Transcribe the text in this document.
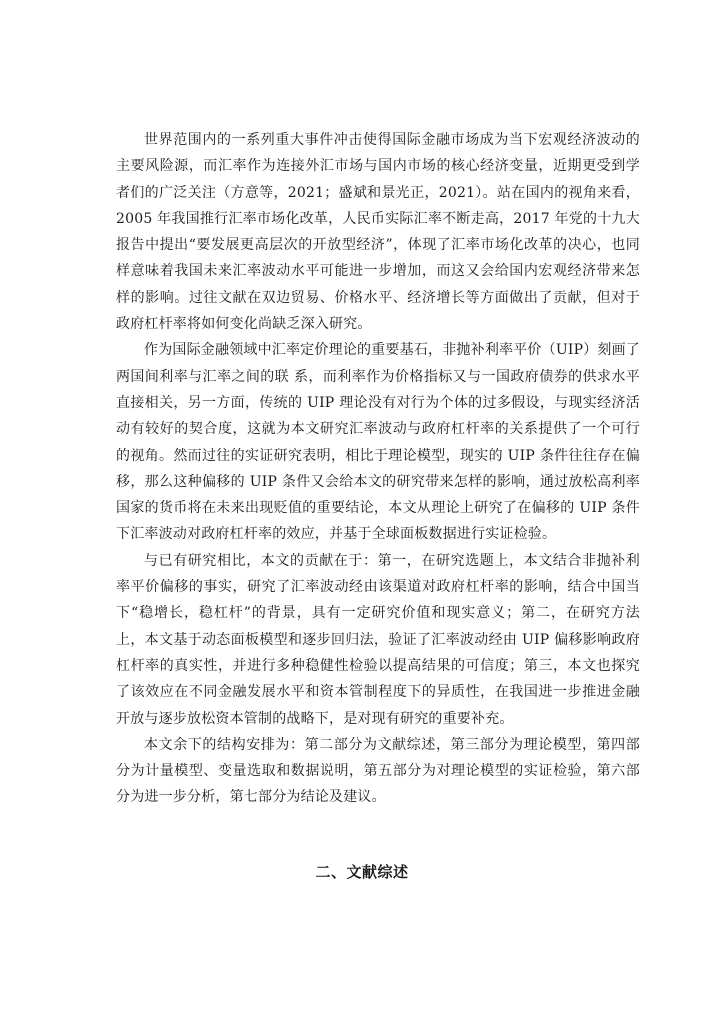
世界范围内的一系列重大事件冲击使得国际金融市场成为当下宏观经济波动的主要风险源，而汇率作为连接外汇市场与国内市场的核心经济变量，近期更受到学者们的广泛关注（方意等，2021；盛斌和景光正，2021）。站在国内的视角来看，2005 年我国推行汇率市场化改革，人民币实际汇率不断走高，2017 年党的十九大报告中提出“要发展更高层次的开放型经济”，体现了汇率市场化改革的决心，也同样意味着我国未来汇率波动水平可能进一步增加，而这又会给国内宏观经济带来怎样的影响。过往文献在双边贸易、价格水平、经济增长等方面做出了贡献，但对于政府杠杆率将如何变化尚缺乏深入研究。

作为国际金融领域中汇率定价理论的重要基石，非抛补利率平价（UIP）刻画了两国间利率与汇率之间的联 系，而利率作为价格指标又与一国政府债券的供求水平直接相关，另一方面，传统的 UIP 理论没有对行为个体的过多假设，与现实经济活动有较好的契合度，这就为本文研究汇率波动与政府杠杆率的关系提供了一个可行的视角。然而过往的实证研究表明，相比于理论模型，现实的 UIP 条件往往存在偏移，那么这种偏移的 UIP 条件又会给本文的研究带来怎样的影响，通过放松高利率国家的货币将在未来出现贬值的重要结论，本文从理论上研究了在偏移的 UIP 条件下汇率波动对政府杠杆率的效应，并基于全球面板数据进行实证检验。

与已有研究相比，本文的贡献在于：第一，在研究选题上，本文结合非抛补利率平价偏移的事实，研究了汇率波动经由该渠道对政府杠杆率的影响，结合中国当下“稳增长，稳杠杆”的背景，具有一定研究价值和现实意义；第二，在研究方法上，本文基于动态面板模型和逐步回归法，验证了汇率波动经由 UIP 偏移影响政府杠杆率的真实性，并进行多种稳健性检验以提高结果的可信度；第三，本文也探究了该效应在不同金融发展水平和资本管制程度下的异质性，在我国进一步推进金融开放与逐步放松资本管制的战略下，是对现有研究的重要补充。

本文余下的结构安排为：第二部分为文献综述，第三部分为理论模型，第四部分为计量模型、变量选取和数据说明，第五部分为对理论模型的实证检验，第六部分为进一步分析，第七部分为结论及建议。

二、文献综述
